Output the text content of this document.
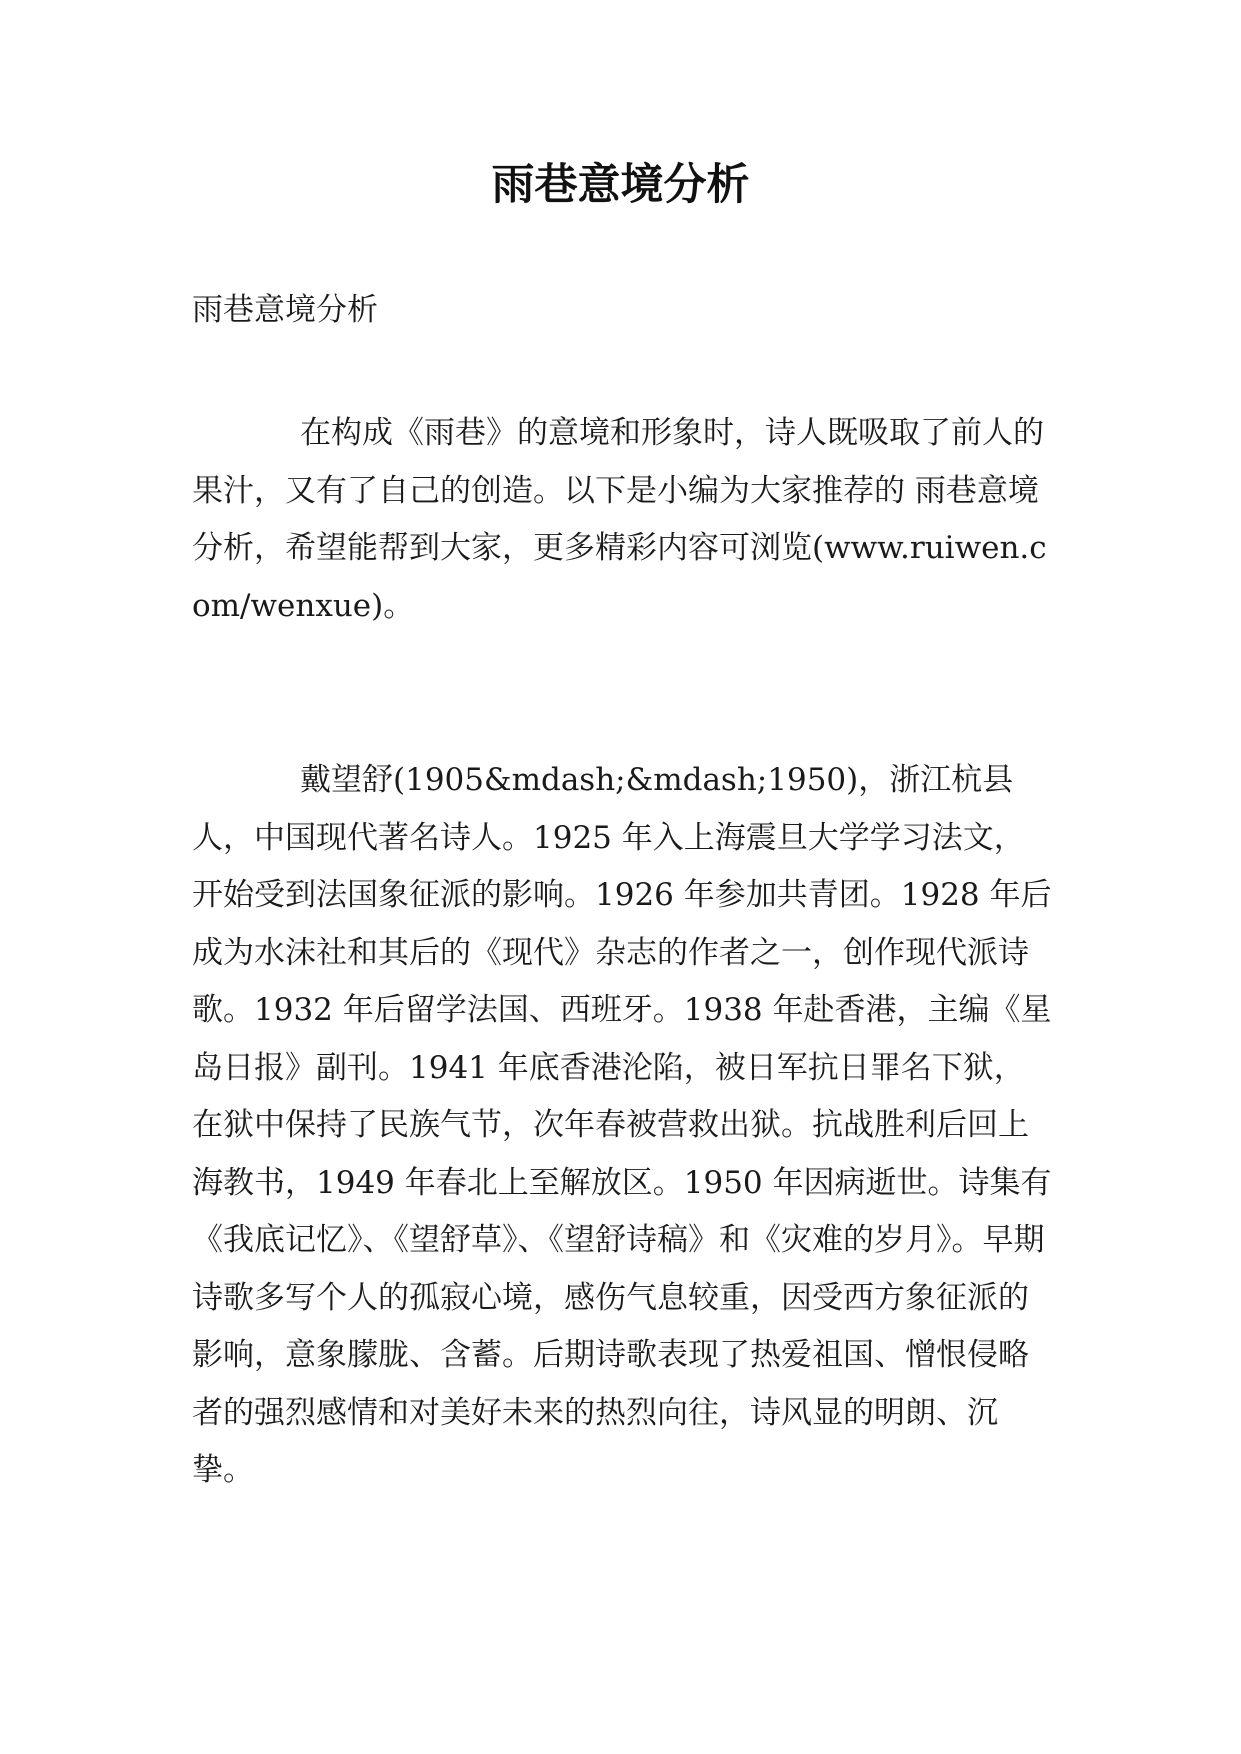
雨巷意境分析

雨巷意境分析

在构成《雨巷》的意境和形象时，诗人既吸取了前人的果汁，又有了自己的创造。以下是小编为大家推荐的 雨巷意境分析，希望能帮到大家，更多精彩内容可浏览(www.ruiwen.com/wenxue)。

戴望舒(1905&mdash;&mdash;1950)，浙江杭县人，中国现代著名诗人。1925 年入上海震旦大学学习法文，开始受到法国象征派的影响。1926 年参加共青团。1928 年后成为水沫社和其后的《现代》杂志的作者之一，创作现代派诗歌。1932 年后留学法国、西班牙。1938 年赴香港，主编《星岛日报》副刊。1941 年底香港沦陷，被日军抗日罪名下狱，在狱中保持了民族气节，次年春被营救出狱。抗战胜利后回上海教书，1949 年春北上至解放区。1950 年因病逝世。诗集有《我底记忆》、《望舒草》、《望舒诗稿》和《灾难的岁月》。早期诗歌多写个人的孤寂心境，感伤气息较重，因受西方象征派的影响，意象朦胧、含蓄。后期诗歌表现了热爱祖国、憎恨侵略者的强烈感情和对美好未来的热烈向往，诗风显的明朗、沉挚。
